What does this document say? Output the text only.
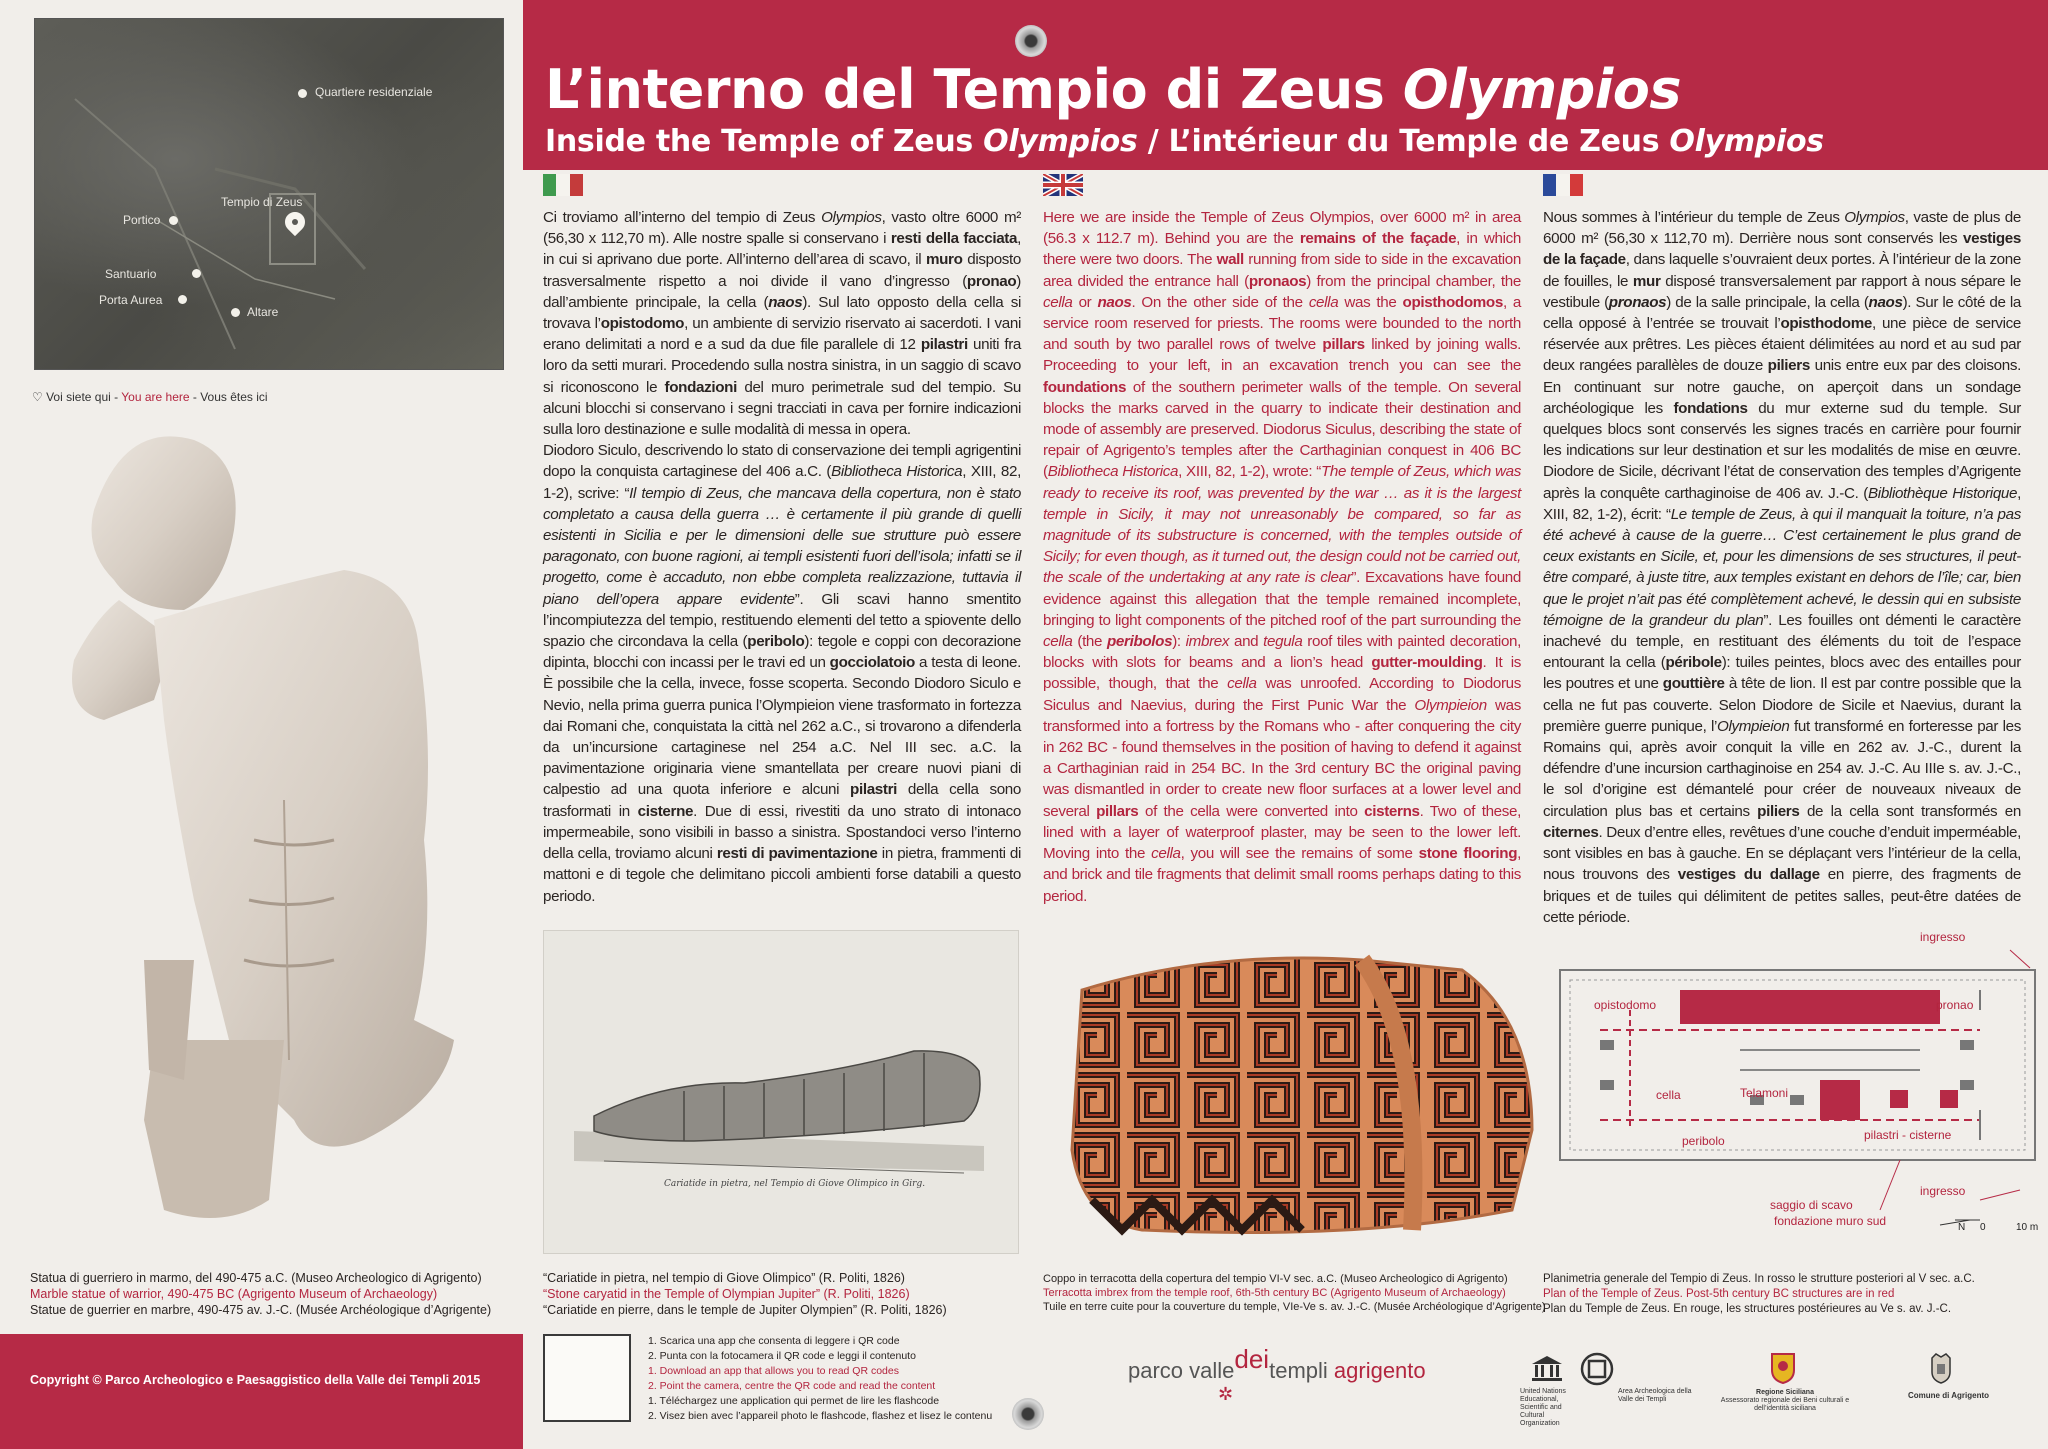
L’interno del Tempio di Zeus Olympios
Inside the Temple of Zeus Olympios / L’intérieur du Temple de Zeus Olympios
Quartiere residenziale
Tempio di Zeus
Portico
Santuario
Porta Aurea
Altare
♡ Voi siete qui - You are here - Vous êtes ici
Statua di guerriero in marmo, del 490-475 a.C. (Museo Archeologico di Agrigento)
Marble statue of warrior, 490-475 BC (Agrigento Museum of Archaeology)
Statue de guerrier en marbre, 490-475 av. J.-C. (Musée Archéologique d’Agrigente)

Ci troviamo all’interno del tempio di Zeus Olympios, vasto oltre 6000 m² (56,30 x 112,70 m). Alle nostre spalle si conservano i resti della facciata, in cui si aprivano due porte. All’interno dell’area di scavo, il muro disposto trasversalmente rispetto a noi divide il vano d’ingresso (pronao) dall’ambiente principale, la cella (naos). Sul lato opposto della cella si trovava l’opistodomo, un ambiente di servizio riservato ai sacerdoti. I vani erano delimitati a nord e a sud da due file parallele di 12 pilastri uniti fra loro da setti murari. Procedendo sulla nostra sinistra, in un saggio di scavo si riconoscono le fondazioni del muro perimetrale sud del tempio. Su alcuni blocchi si conservano i segni tracciati in cava per fornire indicazioni sulla loro destinazione e sulle modalità di messa in opera.

Diodoro Siculo, descrivendo lo stato di conservazione dei templi agrigentini dopo la conquista cartaginese del 406 a.C. (Bibliotheca Historica, XIII, 82, 1-2), scrive: “Il tempio di Zeus, che mancava della copertura, non è stato completato a causa della guerra … è certamente il più grande di quelli esistenti in Sicilia e per le dimensioni delle sue strutture può essere paragonato, con buone ragioni, ai templi esistenti fuori dell’isola; infatti se il progetto, come è accaduto, non ebbe completa realizzazione, tuttavia il piano dell’opera appare evidente”. Gli scavi hanno smentito l’incompiutezza del tempio, restituendo elementi del tetto a spiovente dello spazio che circondava la cella (peribolo): tegole e coppi con decorazione dipinta, blocchi con incassi per le travi ed un gocciolatoio a testa di leone. È possibile che la cella, invece, fosse scoperta. Secondo Diodoro Siculo e Nevio, nella prima guerra punica l’Olympieion viene trasformato in fortezza dai Romani che, conquistata la città nel 262 a.C., si trovarono a difenderla da un’incursione cartaginese nel 254 a.C. Nel III sec. a.C. la pavimentazione originaria viene smantellata per creare nuovi piani di calpestio ad una quota inferiore e alcuni pilastri della cella sono trasformati in cisterne. Due di essi, rivestiti da uno strato di intonaco impermeabile, sono visibili in basso a sinistra. Spostandoci verso l’interno della cella, troviamo alcuni resti di pavimentazione in pietra, frammenti di mattoni e di tegole che delimitano piccoli ambienti forse databili a questo periodo.

Here we are inside the Temple of Zeus Olympios, over 6000 m² in area (56.3 x 112.7 m). Behind you are the remains of the façade, in which there were two doors. The wall running from side to side in the excavation area divided the entrance hall (pronaos) from the principal chamber, the cella or naos. On the other side of the cella was the opisthodomos, a service room reserved for priests. The rooms were bounded to the north and south by two parallel rows of twelve pillars linked by joining walls. Proceeding to your left, in an excavation trench you can see the foundations of the southern perimeter walls of the temple. On several blocks the marks carved in the quarry to indicate their destination and mode of assembly are preserved. Diodorus Siculus, describing the state of repair of Agrigento’s temples after the Carthaginian conquest in 406 BC (Bibliotheca Historica, XIII, 82, 1-2), wrote: “The temple of Zeus, which was ready to receive its roof, was prevented by the war … as it is the largest temple in Sicily, it may not unreasonably be compared, so far as magnitude of its substructure is concerned, with the temples outside of Sicily; for even though, as it turned out, the design could not be carried out, the scale of the undertaking at any rate is clear”. Excavations have found evidence against this allegation that the temple remained incomplete, bringing to light components of the pitched roof of the part surrounding the cella (the peribolos): imbrex and tegula roof tiles with painted decoration, blocks with slots for beams and a lion’s head gutter-moulding. It is possible, though, that the cella was unroofed. According to Diodorus Siculus and Naevius, during the First Punic War the Olympieion was transformed into a fortress by the Romans who - after conquering the city in 262 BC - found themselves in the position of having to defend it against a Carthaginian raid in 254 BC. In the 3rd century BC the original paving was dismantled in order to create new floor surfaces at a lower level and several pillars of the cella were converted into cisterns. Two of these, lined with a layer of waterproof plaster, may be seen to the lower left. Moving into the cella, you will see the remains of some stone flooring, and brick and tile fragments that delimit small rooms perhaps dating to this period.

Nous sommes à l’intérieur du temple de Zeus Olympios, vaste de plus de 6000 m² (56,30 x 112,70 m). Derrière nous sont conservés les vestiges de la façade, dans laquelle s’ouvraient deux portes. À l’intérieur de la zone de fouilles, le mur disposé transversalement par rapport à nous sépare le vestibule (pronaos) de la salle principale, la cella (naos). Sur le côté de la cella opposé à l’entrée se trouvait l’opisthodome, une pièce de service réservée aux prêtres. Les pièces étaient délimitées au nord et au sud par deux rangées parallèles de douze piliers unis entre eux par des cloisons. En continuant sur notre gauche, on aperçoit dans un sondage archéologique les fondations du mur externe sud du temple. Sur quelques blocs sont conservés les signes tracés en carrière pour fournir les indications sur leur destination et sur les modalités de mise en œuvre. Diodore de Sicile, décrivant l’état de conservation des temples d’Agrigente après la conquête carthaginoise de 406 av. J.-C. (Bibliothèque Historique, XIII, 82, 1-2), écrit: “Le temple de Zeus, à qui il manquait la toiture, n’a pas été achevé à cause de la guerre… C’est certainement le plus grand de ceux existants en Sicile, et, pour les dimensions de ses structures, il peut-être comparé, à juste titre, aux temples existant en dehors de l’île; car, bien que le projet n’ait pas été complètement achevé, le dessin qui en subsiste témoigne de la grandeur du plan”. Les fouilles ont démenti le caractère inachevé du temple, en restituant des éléments du toit de l’espace entourant la cella (péribole): tuiles peintes, blocs avec des entailles pour les poutres et une gouttière à tête de lion. Il est par contre possible que la cella ne fut pas couverte. Selon Diodore de Sicile et Naevius, durant la première guerre punique, l’Olympieion fut transformé en forteresse par les Romains qui, après avoir conquit la ville en 262 av. J.-C., durent la défendre d’une incursion carthaginoise en 254 av. J.-C. Au IIIe s. av. J.-C., le sol d’origine est démantelé pour créer de nouveaux niveaux de circulation plus bas et certains piliers de la cella sont transformés en citernes. Deux d’entre elles, revêtues d’une couche d’enduit imperméable, sont visibles en bas à gauche. En se déplaçant vers l’intérieur de la cella, nous trouvons des vestiges du dallage en pierre, des fragments de briques et de tuiles qui délimitent de petites salles, peut-être datées de cette période.

Cariatide in pietra, nel Tempio di Giove Olimpico in Girg.
“Cariatide in pietra, nel tempio di Giove Olimpico” (R. Politi, 1826)
“Stone caryatid in the Temple of Olympian Jupiter” (R. Politi, 1826)
“Cariatide en pierre, dans le temple de Jupiter Olympien” (R. Politi, 1826)
Coppo in terracotta della copertura del tempio VI-V sec. a.C. (Museo Archeologico di Agrigento)
Terracotta imbrex from the temple roof, 6th-5th century BC (Agrigento Museum of Archaeology)
Tuile en terre cuite pour la couverture du temple, VIe-Ve s. av. J.-C. (Musée Archéologique d’Agrigente)
ingresso
opistodomo	pronao
cella	Telamoni
peribolo	pilastri - cisterne
ingresso
saggio di scavo
fondazione muro sud	N 0	10 m
Planimetria generale del Tempio di Zeus. In rosso le strutture posteriori al V sec. a.C.
Plan of the Temple of Zeus. Post-5th century BC structures are in red
Plan du Temple de Zeus. En rouge, les structures postérieures au Ve s. av. J.-C.
Copyright © Parco Archeologico e Paesaggistico della Valle dei Templi 2015
1. Scarica una app che consenta di leggere i QR code
2. Punta con la fotocamera il QR code e leggi il contenuto
1. Download an app that allows you to read QR codes
2. Point the camera, centre the QR code and read the content
1. Téléchargez une application qui permet de lire les flashcode
2. Visez bien avec l’appareil photo le flashcode, flashez et lisez le contenu
parco valledeitempli agrigento
✲	United Nations Educational, Scientific and Cultural Organization
Area Archeologica della Valle dei Templi
Regione Siciliana
Assessorato regionale dei Beni culturali e dell’identità siciliana
Comune di Agrigento
